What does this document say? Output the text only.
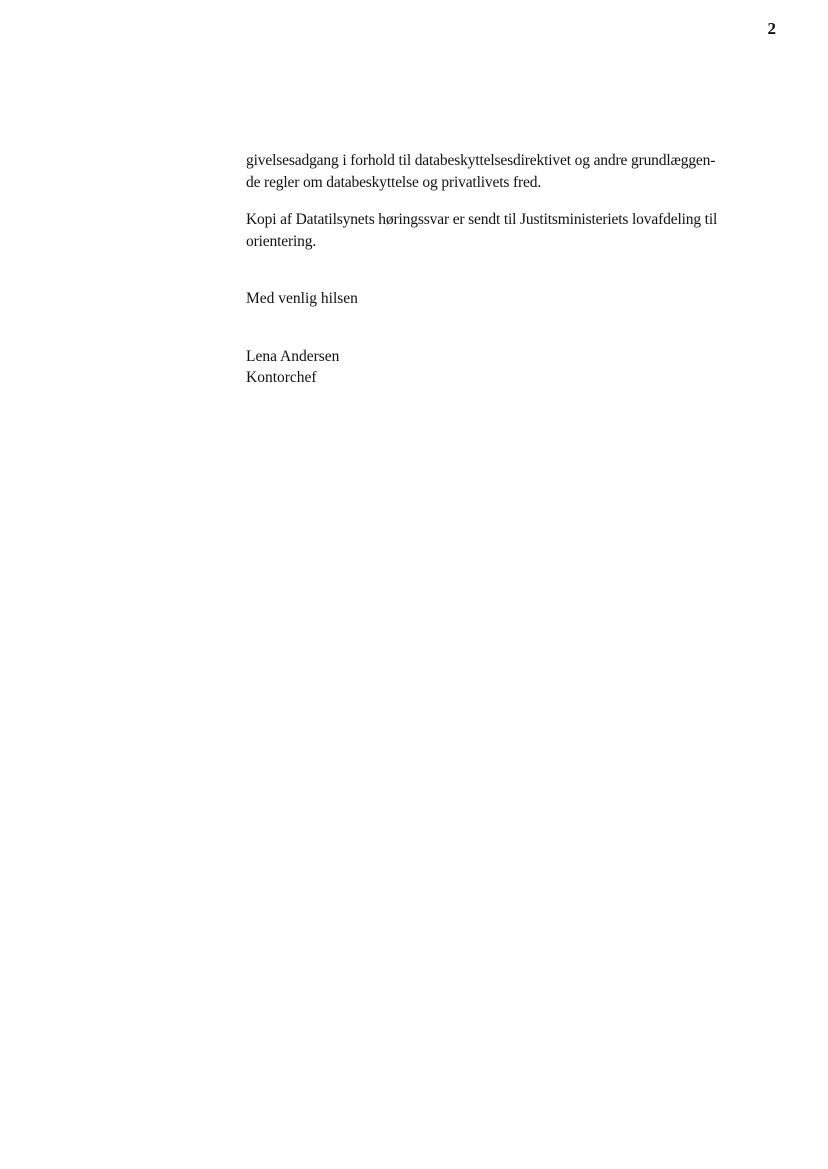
2

givelsesadgang i forhold til databeskyttelsesdirektivet og andre grundlæggen-
de regler om databeskyttelse og privatlivets fred.

Kopi af Datatilsynets høringssvar er sendt til Justitsministeriets lovafdeling til
orientering.

Med venlig hilsen

Lena Andersen
Kontorchef
